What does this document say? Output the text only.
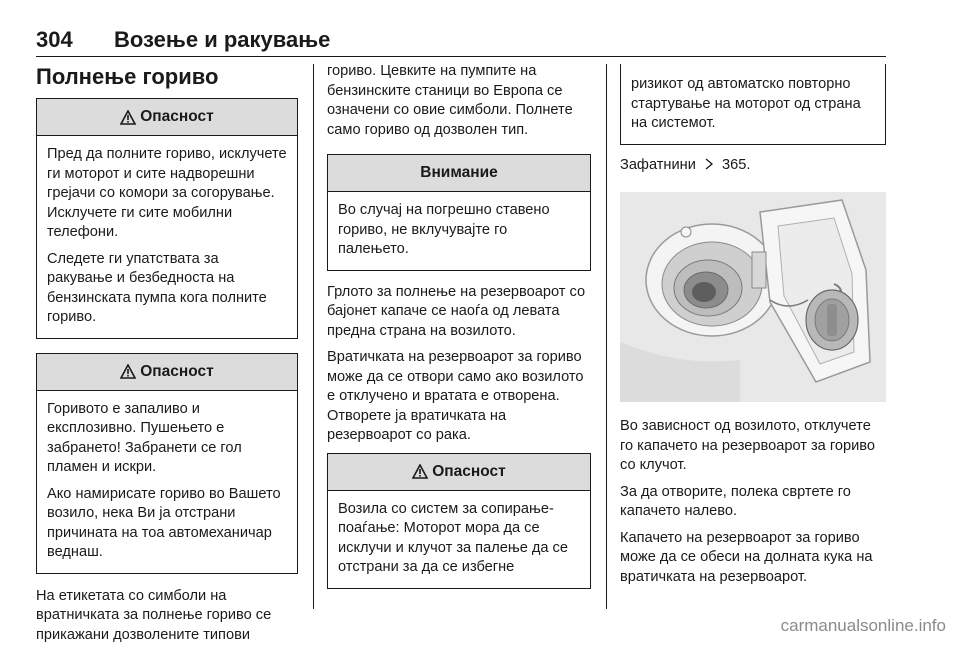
304 Возење и ракување
Полнење гориво
Опасност

Пред да полните гориво, исклучете ги моторот и сите надворешни грејачи со комори за согорување. Исклучете ги сите мобилни телефони.

Следете ги упатствата за ракување и безбедноста на бензинската пумпа кога полните гориво.

Опасност

Горивото е запаливо и експлозивно. Пушењето е забрането! Забранети се гол пламен и искри.

Ако намирисате гориво во Вашето возило, нека Ви ја отстрани причината на тоа автомеханичар веднаш.

На етикетата со симболи на вратничката за полнење гориво се прикажани дозволените типови

гориво. Цевките на пумпите на бензинските станици во Европа се означени со овие симболи. Полнете само гориво од дозволен тип.

Внимание

Во случај на погрешно ставено гориво, не вклучувајте го палењето.

Грлото за полнење на резервоарот со бајонет капаче се наоѓа од левата предна страна на возилото.

Вратичката на резервоарот за гориво може да се отвори само ако возилото е отклучено и вратата е отворена. Отворете ја вратичката на резервоарот со рака.

Опасност

Возила со систем за сопирање-поаѓање: Моторот мора да се исклучи и клучот за палење да се отстрани за да се избегне

ризикот од автоматско повторно стартување на моторот од страна на системот.

Зафатнини 365.

Во зависност од возилото, отклучете го капачето на резервоарот за гориво со клучот.

За да отворите, полека свртете го капачето налево.

Капачето на резервоарот за гориво може да се обеси на долната кука на вратичката на резервоарот.

carmanualsonline.info
